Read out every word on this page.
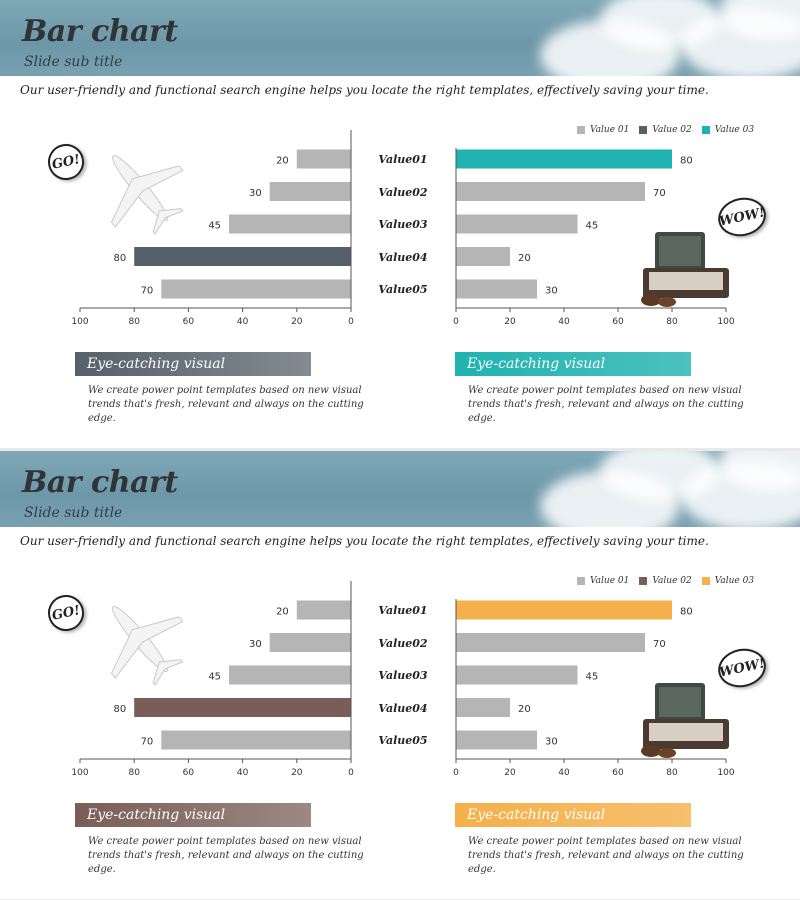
Bar chart
Slide sub title
Our user-friendly and functional search engine helps you locate the right templates, effectively saving your time.
GO!	20
30
45
80
70
100	80	60	40	20	0
Value01
Value02
Value03
Value04
Value05
Value 01	Value 02	Value 03
80
70
45
20
30
0	20	40	60	80	100
WOW!
Eye-catching visual
We create power point templates based on new visual trends that's fresh, relevant and always on the cutting edge.
Eye-catching visual
We create power point templates based on new visual trends that's fresh, relevant and always on the cutting edge.
Bar chart
Slide sub title
Our user-friendly and functional search engine helps you locate the right templates, effectively saving your time.
GO!	20
30
45
80
70
100	80	60	40	20	0
Value01
Value02
Value03
Value04
Value05
Value 01	Value 02	Value 03
80
70
45
20
30
0	20	40	60	80	100
WOW!
Eye-catching visual
We create power point templates based on new visual trends that's fresh, relevant and always on the cutting edge.
Eye-catching visual
We create power point templates based on new visual trends that's fresh, relevant and always on the cutting edge.
